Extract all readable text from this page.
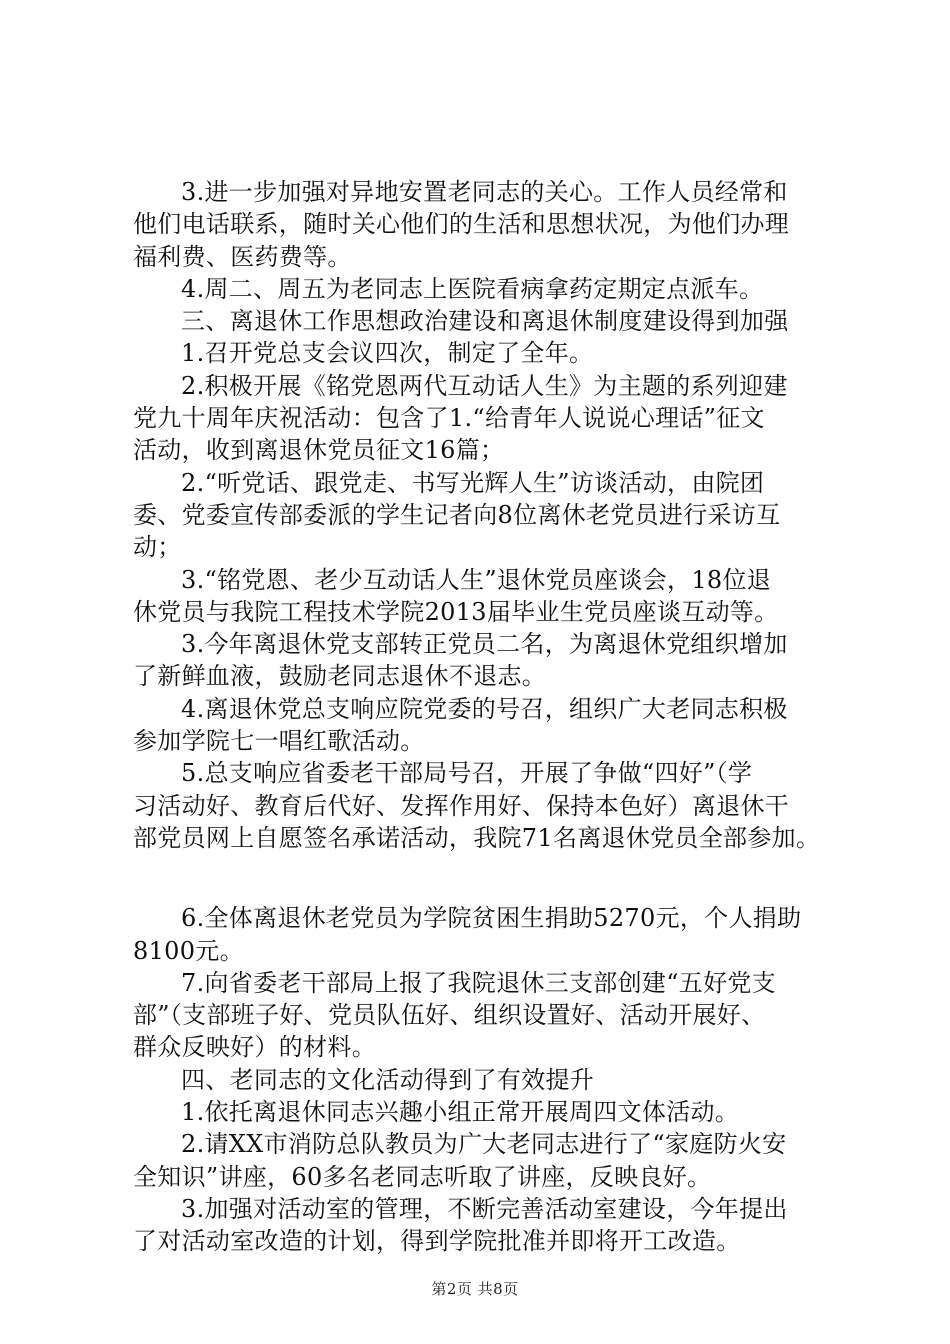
3.进一步加强对异地安置老同志的关心。工作人员经常和
他们电话联系，随时关心他们的生活和思想状况，为他们办理
福利费、医药费等。
4.周二、周五为老同志上医院看病拿药定期定点派车。
三、离退休工作思想政治建设和离退休制度建设得到加强
1.召开党总支会议四次，制定了全年。
2.积极开展《铭党恩两代互动话人生》为主题的系列迎建
党九十周年庆祝活动：包含了1.“给青年人说说心理话”征文
活动，收到离退休党员征文16篇；
2.“听党话、跟党走、书写光辉人生”访谈活动，由院团
委、党委宣传部委派的学生记者向8位离休老党员进行采访互
动；
3.“铭党恩、老少互动话人生”退休党员座谈会，18位退
休党员与我院工程技术学院2013届毕业生党员座谈互动等。
3.今年离退休党支部转正党员二名，为离退休党组织增加
了新鲜血液，鼓励老同志退休不退志。
4.离退休党总支响应院党委的号召，组织广大老同志积极
参加学院七一唱红歌活动。
5.总支响应省委老干部局号召，开展了争做“四好”（学
习活动好、教育后代好、发挥作用好、保持本色好）离退休干
部党员网上自愿签名承诺活动，我院71名离退休党员全部参加。
6.全体离退休老党员为学院贫困生捐助5270元，个人捐助
8100元。
7.向省委老干部局上报了我院退休三支部创建“五好党支
部”（支部班子好、党员队伍好、组织设置好、活动开展好、
群众反映好）的材料。
四、老同志的文化活动得到了有效提升
1.依托离退休同志兴趣小组正常开展周四文体活动。
2.请XX市消防总队教员为广大老同志进行了“家庭防火安
全知识”讲座，60多名老同志听取了讲座，反映良好。
3.加强对活动室的管理，不断完善活动室建设，今年提出
了对活动室改造的计划，得到学院批准并即将开工改造。
第2页 共8页
